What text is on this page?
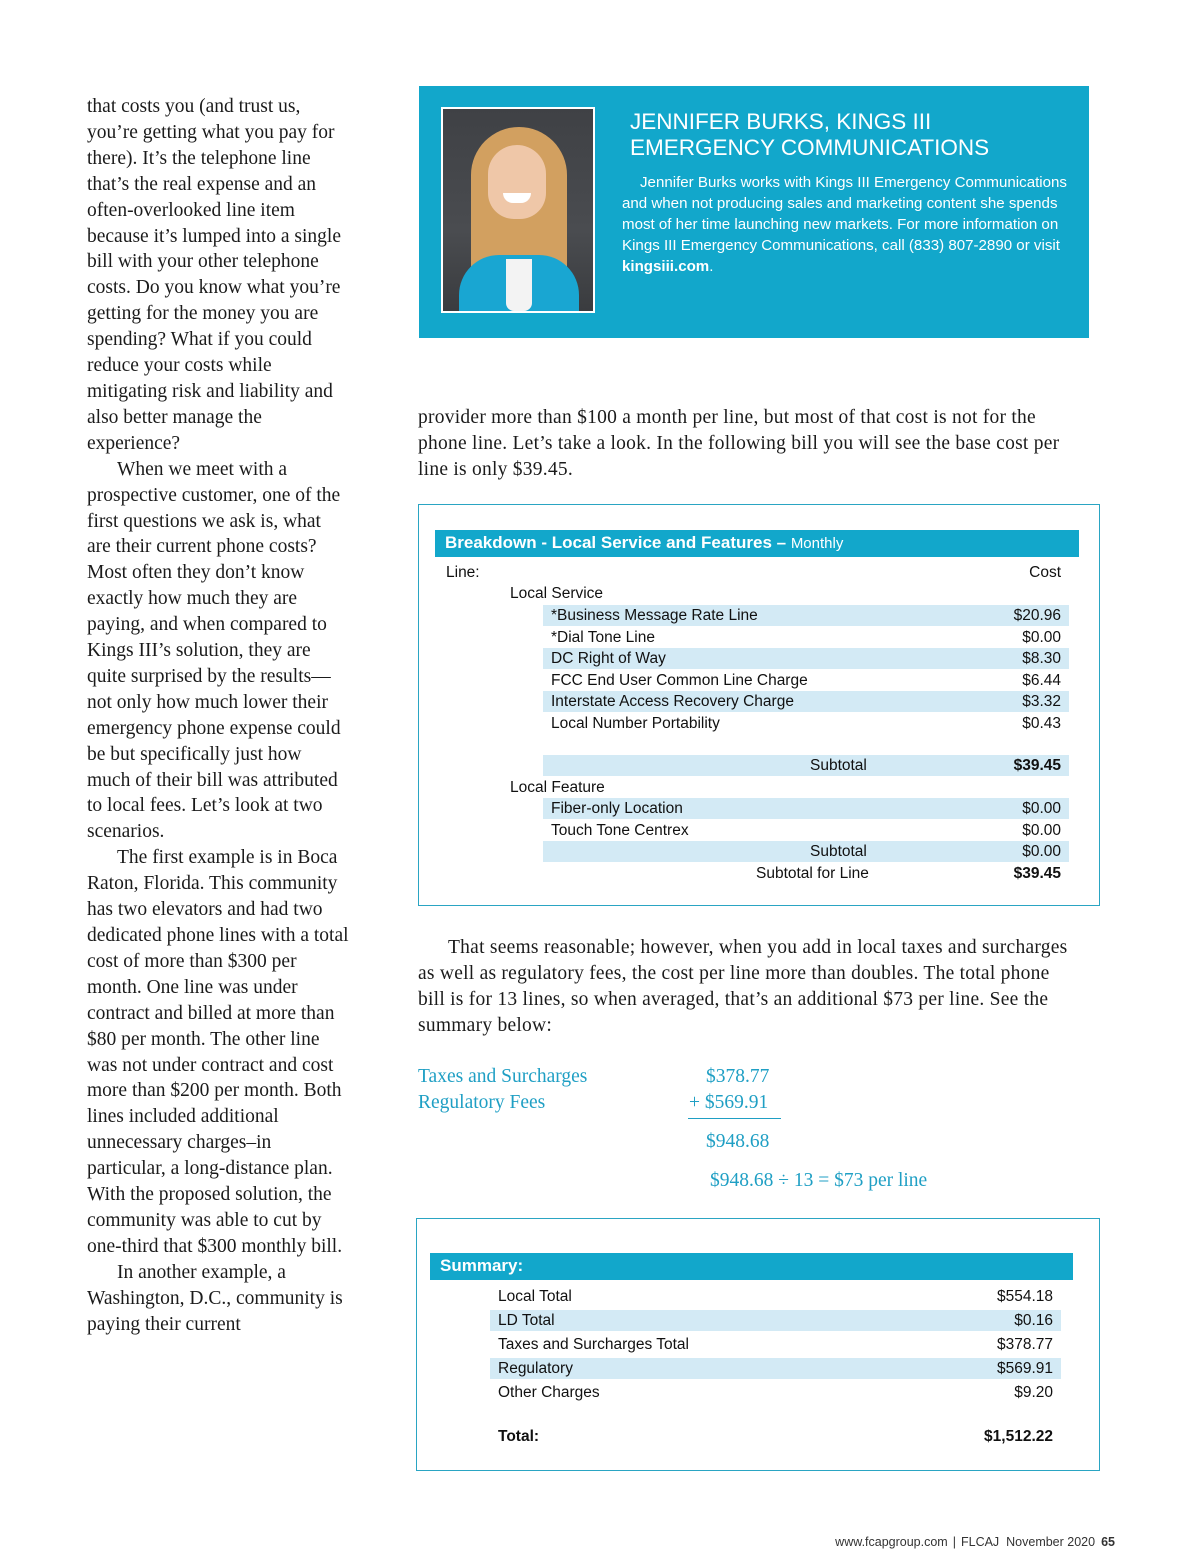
that costs you (and trust us, you’re getting what you pay for there). It’s the telephone line that’s the real expense and an often-overlooked line item because it’s lumped into a single bill with your other telephone costs. Do you know what you’re getting for the money you are spending? What if you could reduce your costs while mitigating risk and liability and also better manage the experience?

When we meet with a prospective customer, one of the first questions we ask is, what are their current phone costs? Most often they don’t know exactly how much they are paying, and when compared to Kings III’s solution, they are quite surprised by the results—not only how much lower their emergency phone expense could be but specifically just how much of their bill was attributed to local fees. Let’s look at two scenarios.

The first example is in Boca Raton, Florida. This community has two elevators and had two dedicated phone lines with a total cost of more than $300 per month. One line was under contract and billed at more than $80 per month. The other line was not under contract and cost more than $200 per month. Both lines included additional unnecessary charges–in particular, a long-distance plan. With the proposed solution, the community was able to cut by one-third that $300 monthly bill.

In another example, a Washington, D.C., community is paying their current

JENNIFER BURKS, KINGS III EMERGENCY COMMUNICATIONS

Jennifer Burks works with Kings III Emergency Communications and when not producing sales and marketing content she spends most of her time launching new markets. For more information on Kings III Emergency Communications, call (833) 807-2890 or visit kingsiii.com.

provider more than $100 a month per line, but most of that cost is not for the phone line. Let’s take a look. In the following bill you will see the base cost per line is only $39.45.

Breakdown - Local Service and Features – Monthly
Line:	Cost
Local Service
*Business Message Rate Line	$20.96
*Dial Tone Line	$0.00
DC Right of Way	$8.30
FCC End User Common Line Charge	$6.44
Interstate Access Recovery Charge	$3.32
Local Number Portability	$0.43
Subtotal	$39.45
Local Feature
Fiber-only Location	$0.00
Touch Tone Centrex	$0.00
Subtotal	$0.00
Subtotal for Line	$39.45

That seems reasonable; however, when you add in local taxes and surcharges as well as regulatory fees, the cost per line more than doubles. The total phone bill is for 13 lines, so when averaged, that’s an additional $73 per line. See the summary below:

Taxes and Surcharges	$378.77
Regulatory Fees	+ $569.91
$948.68
$948.68 ÷ 13 = $73 per line
Summary:
Local Total	$554.18
LD Total	$0.16
Taxes and Surcharges Total	$378.77
Regulatory	$569.91
Other Charges	$9.20
Total:	$1,512.22
www.fcapgroup.com | FLCAJ November 2020 65
